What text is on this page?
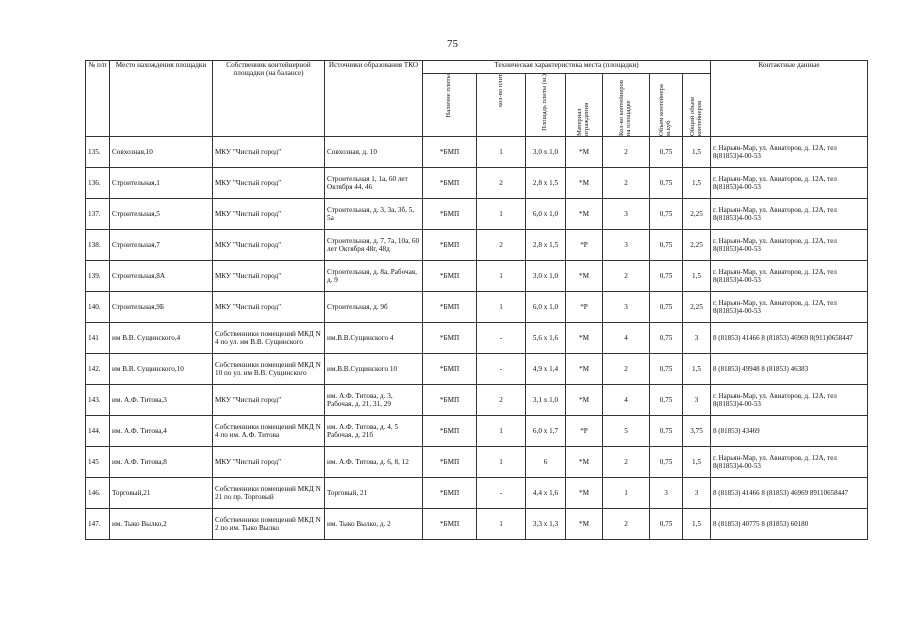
75
№ п/п	Место нахождения площадки	Собственник контейнерной площадки (на балансе)	Источники образования ТКО	Техническая характеристика места (площадки)							Контактные данные

				Наличие плиты	кол-во плит	Площадь плиты (м.)	Материал ограждения	Кол-во контейнеров на площадке	Объем контейнера м.куб	Общий объем контейнеров	

135.	Совхозная,10	МКУ "Чистый город"	Совхозная, д. 10	*БМП	1	3,0 х 1,0	*М	2	0,75	1,5	г. Нарьян-Мар, ул. Авиаторов, д. 12А, тел 8(81853)4-00-53
136.	Строительная,1	МКУ "Чистый город"	Строительная 1, 1а, 60 лет Октября 44, 46	*БМП	2	2,8 х 1,5	*М	2	0,75	1,5	г. Нарьян-Мар, ул. Авиаторов, д. 12А, тел 8(81853)4-00-53
137.	Строительная,5	МКУ "Чистый город"	Строительная, д. 3, 3а, 3б, 5, 5а	*БМП	1	6,0 х 1,0	*М	3	0,75	2,25	г. Нарьян-Мар, ул. Авиаторов, д. 12А, тел 8(81853)4-00-53
138.	Строительная,7	МКУ "Чистый город"	Строительная, д. 7, 7а, 10а, 60 лет Октября 48г, 48д	*БМП	2	2,8 х 1,5	*Р	3	0,75	2,25	г. Нарьян-Мар, ул. Авиаторов, д. 12А, тел 8(81853)4-00-53
139.	Строительная,8А	МКУ "Чистый город"	Строительная, д. 8а, Рабочая, д. 9	*БМП	1	3,0 х 1,0	*М	2	0,75	1,5	г. Нарьян-Мар, ул. Авиаторов, д. 12А, тел 8(81853)4-00-53
140.	Строительная,9Б	МКУ "Чистый город"	Строительная, д. 9б	*БМП	1	6,0 х 1,0	*Р	3	0,75	2,25	г. Нарьян-Мар, ул. Авиаторов, д. 12А, тел 8(81853)4-00-53
141	им В.В. Сущинского,4	Собственники помещений МКД N 4 по ул. им В.В. Сущинского	им.В.В.Сущинского 4	*БМП	-	5,6 х 1,6	*М	4	0,75	3	8 (81853) 41466 8 (81853) 46969 8(911)0658447
142.	им В.В. Сущинского,10	Собственники помещений МКД N 10 по ул. им В.В. Сущинского	им.В.В.Сущинского 10	*БМП	-	4,9 х 1,4	*М	2	0,75	1,5	8 (81853) 49948 8 (81853) 46383
143.	им. А.Ф. Титова,3	МКУ "Чистый город"	им. А.Ф. Титова, д. 3, Рабочая, д. 21, 31, 29	*БМП	2	3,1 х 1,0	*М	4	0,75	3	г. Нарьян-Мар, ул. Авиаторов, д. 12А, тел 8(81853)4-00-53
144.	им. А.Ф. Титова,4	Собственники помещений МКД N 4 по им. А.Ф. Титова	им. А.Ф. Титова, д. 4, 5 Рабочая, д. 21б	*БМП	1	6,0 х 1,7	*Р	5	0,75	3,75	8 (81853) 43469
145	им. А.Ф. Титова,8	МКУ "Чистый город"	им. А.Ф. Титова, д. 6, 8, 12	*БМП	1	6	*М	2	0,75	1,5	г. Нарьян-Мар, ул. Авиаторов, д. 12А, тел 8(81853)4-00-53
146.	Торговый,21	Собственники помещений МКД N 21 по пр. Торговый	Торговый, 21	*БМП	-	4,4 х 1,6	*М	1	3	3	8 (81853) 41466 8 (81853) 46969 89110658447
147.	им. Тыко Вылко,2	Собственники помещений МКД N 2 по им. Тыко Вылко	им. Тыко Вылко, д. 2	*БМП	1	3,3 х 1,3	*М	2	0,75	1,5	8 (81853) 40775 8 (81853) 60180
